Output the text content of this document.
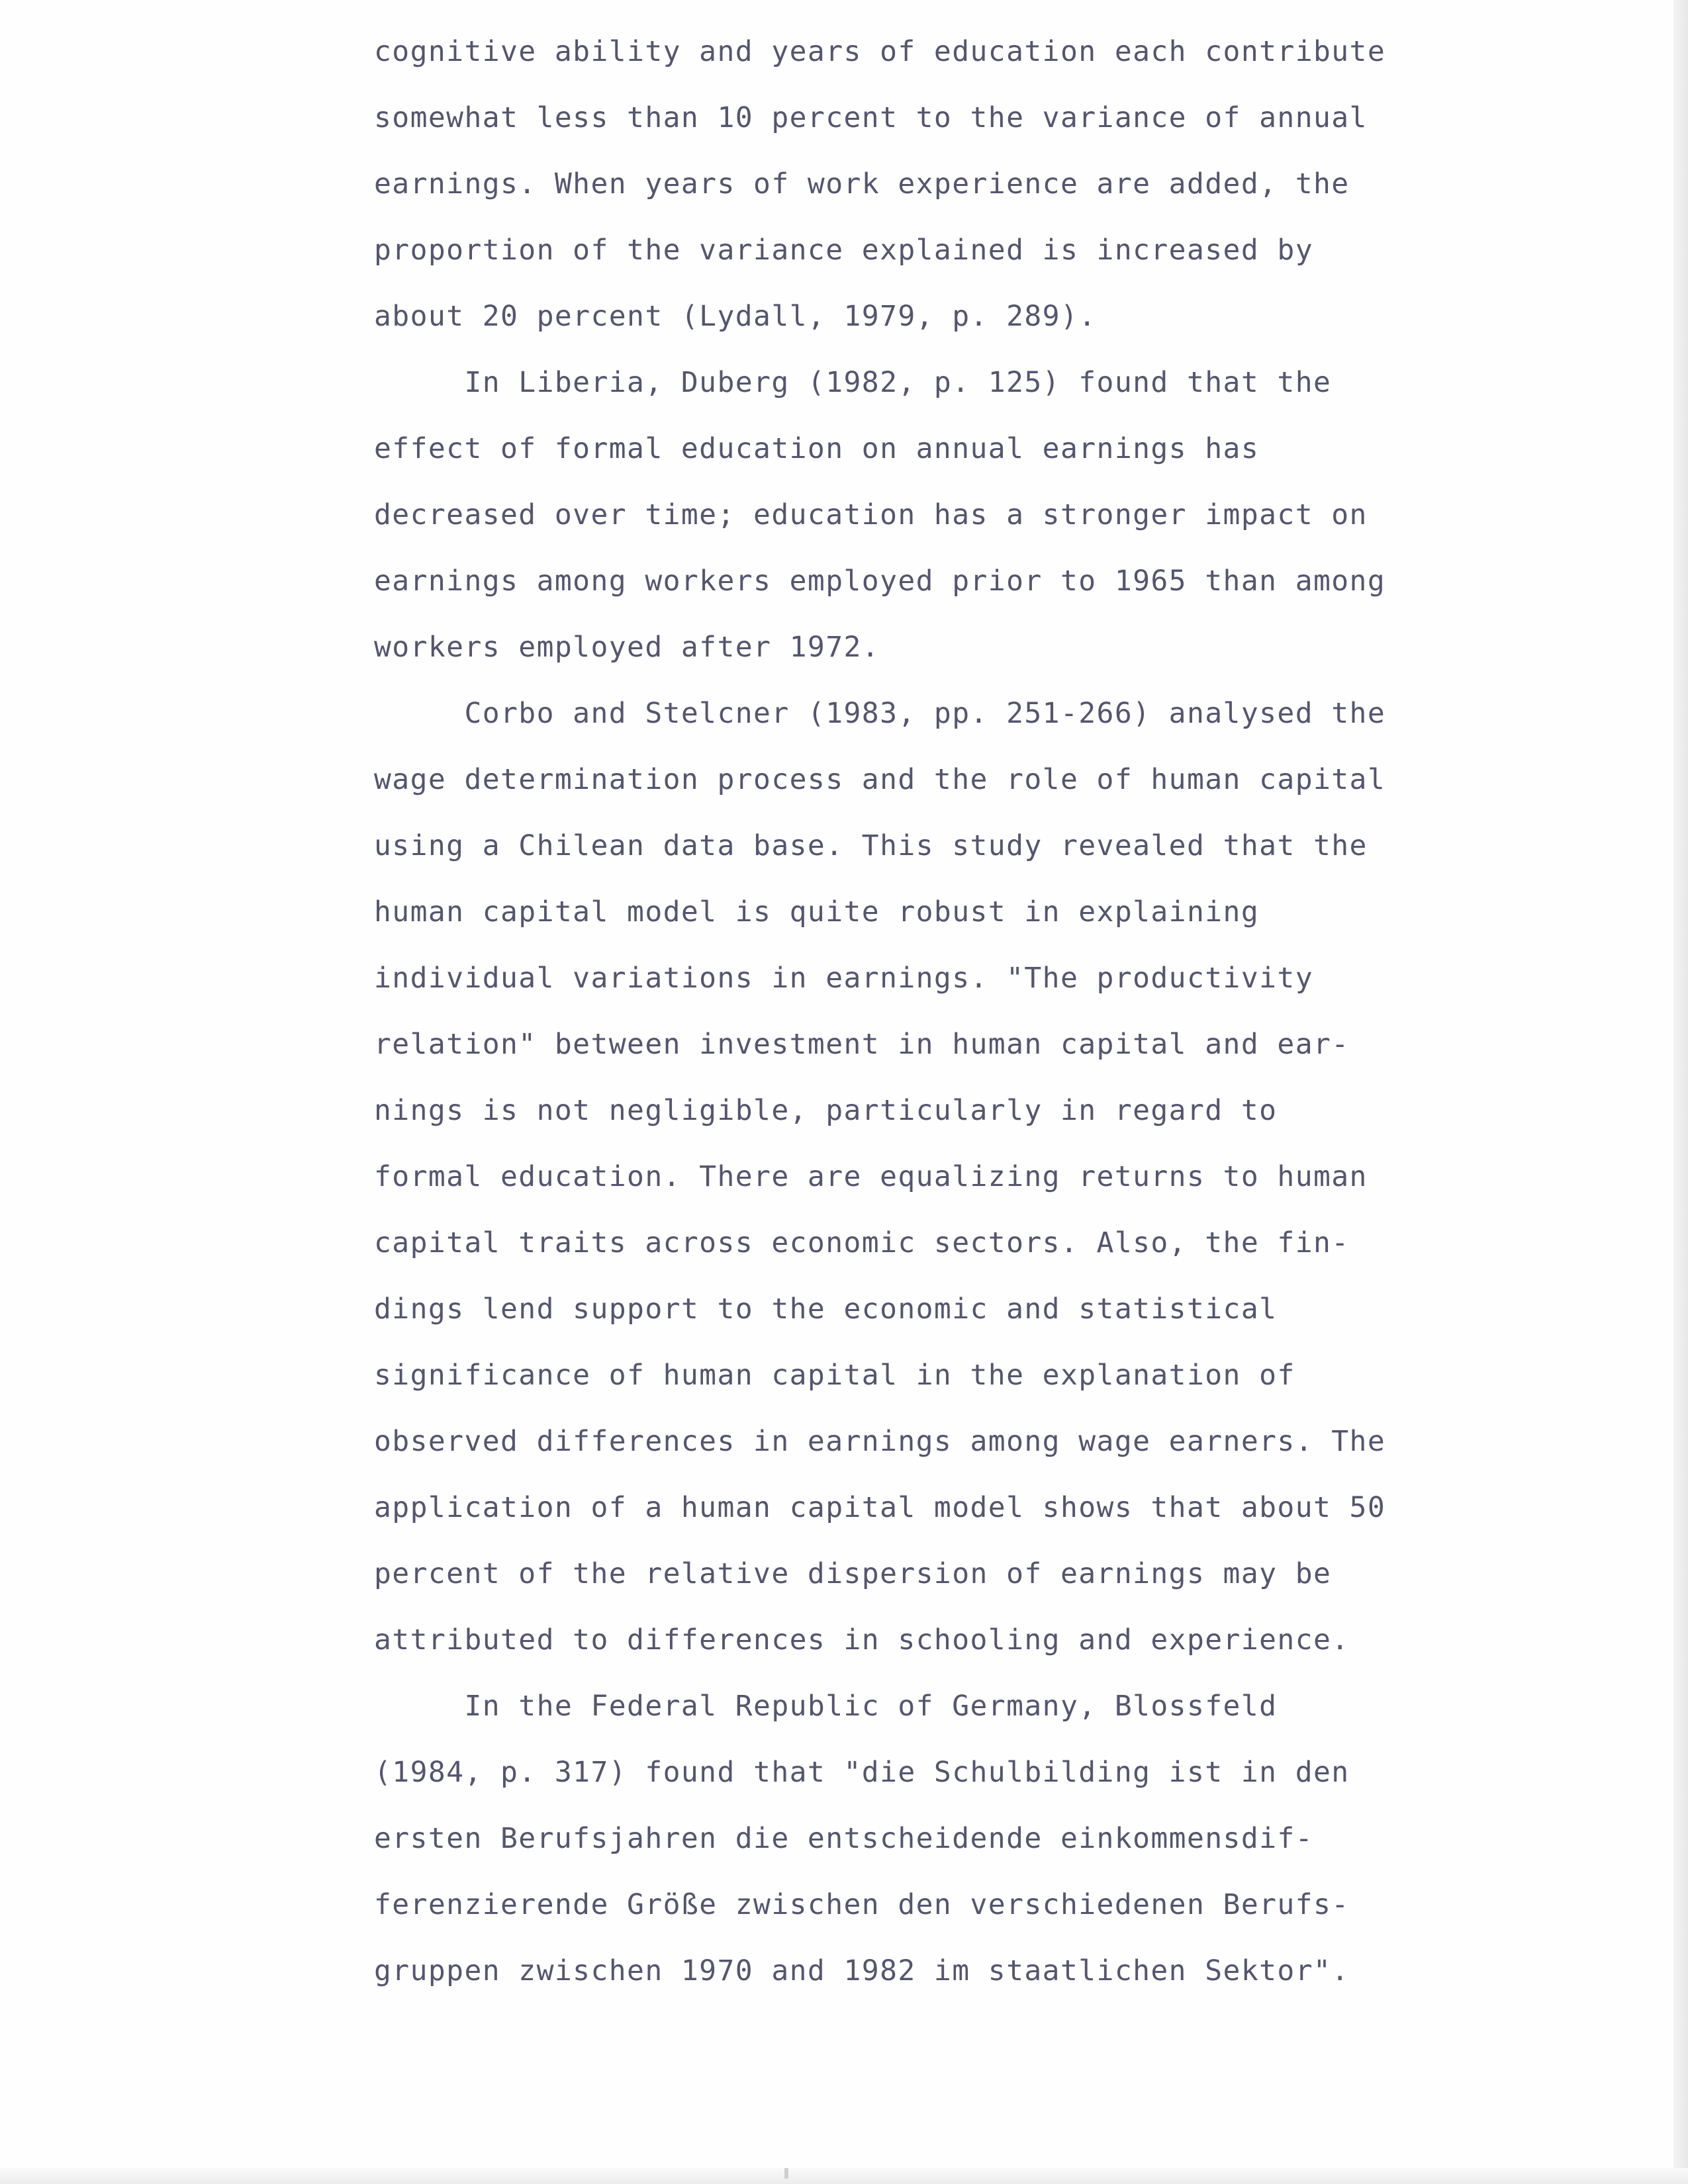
cognitive ability and years of education each contribute
somewhat less than 10 percent to the variance of annual
earnings. When years of work experience are added, the
proportion of the variance explained is increased by
about 20 percent (Lydall, 1979, p. 289).
In Liberia, Duberg (1982, p. 125) found that the
effect of formal education on annual earnings has
decreased over time; education has a stronger impact on
earnings among workers employed prior to 1965 than among
workers employed after 1972.
Corbo and Stelcner (1983, pp. 251-266) analysed the
wage determination process and the role of human capital
using a Chilean data base. This study revealed that the
human capital model is quite robust in explaining
individual variations in earnings. "The productivity
relation" between investment in human capital and ear-
nings is not negligible, particularly in regard to
formal education. There are equalizing returns to human
capital traits across economic sectors. Also, the fin-
dings lend support to the economic and statistical
significance of human capital in the explanation of
observed differences in earnings among wage earners. The
application of a human capital model shows that about 50
percent of the relative dispersion of earnings may be
attributed to differences in schooling and experience.
In the Federal Republic of Germany, Blossfeld
(1984, p. 317) found that "die Schulbilding ist in den
ersten Berufsjahren die entscheidende einkommensdif-
ferenzierende Größe zwischen den verschiedenen Berufs-
gruppen zwischen 1970 and 1982 im staatlichen Sektor".
